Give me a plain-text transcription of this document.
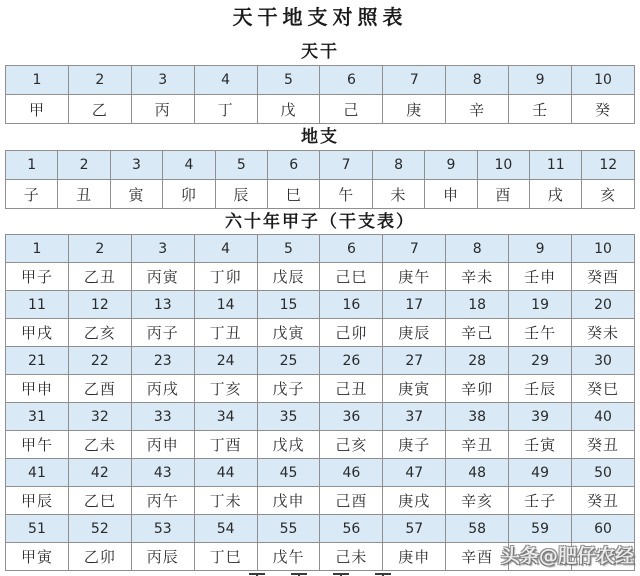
天干地支对照表
天干
1	2	3	4	5	6	7	8	9	10
甲	乙	丙	丁	戊	己	庚	辛	壬	癸
地支
1	2	3	4	5	6	7	8	9	10	11	12
子	丑	寅	卯	辰	巳	午	未	申	酉	戌	亥
六十年甲子（干支表）
1	2	3	4	5	6	7	8	9	10
甲子	乙丑	丙寅	丁卯	戊辰	己巳	庚午	辛未	壬申	癸酉
11	12	13	14	15	16	17	18	19	20
甲戌	乙亥	丙子	丁丑	戊寅	己卯	庚辰	辛己	壬午	癸未
21	22	23	24	25	26	27	28	29	30
甲申	乙酉	丙戌	丁亥	戊子	己丑	庚寅	辛卯	壬辰	癸巳
31	32	33	34	35	36	37	38	39	40
甲午	乙未	丙申	丁酉	戊戌	己亥	庚子	辛丑	壬寅	癸丑
41	42	43	44	45	46	47	48	49	50
甲辰	乙巳	丙午	丁未	戊申	己酉	庚戌	辛亥	壬子	癸丑
51	52	53	54	55	56	57	58	59	60
甲寅	乙卯	丙辰	丁巳	戊午	己未	庚申	辛酉		头条@肥仔农经
